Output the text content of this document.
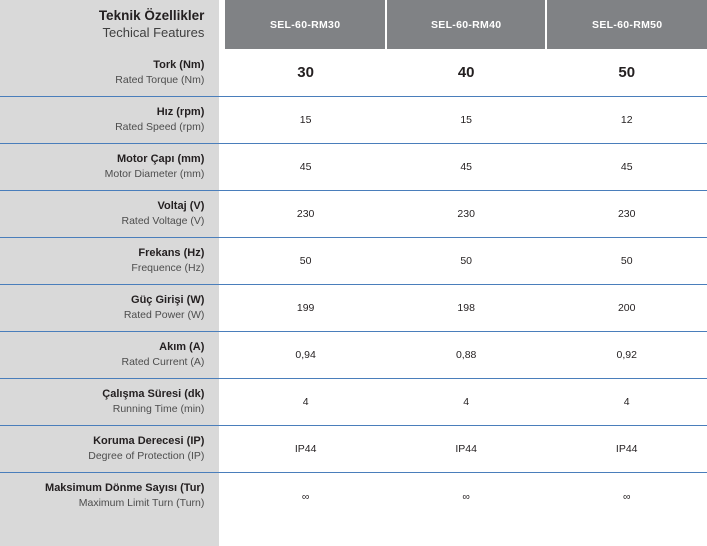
Teknik Özellikler
Techical Features	SEL-60-RM30	SEL-60-RM40	SEL-60-RM50

Tork (Nm)
Rated Torque (Nm)	30	40	50

Hız (rpm)
Rated Speed (rpm)	15	15	12

Motor Çapı (mm)
Motor Diameter (mm)	45	45	45

Voltaj (V)
Rated Voltage (V)	230	230	230

Frekans (Hz)
Frequence (Hz)	50	50	50

Güç Girişi (W)
Rated Power (W)	199	198	200

Akım (A)
Rated Current (A)	0,94	0,88	0,92

Çalışma Süresi (dk)
Running Time (min)	4	4	4

Koruma Derecesi (IP)
Degree of Protection (IP)	IP44	IP44	IP44

Maksimum Dönme Sayısı (Tur)
Maximum Limit Turn (Turn)	∞	∞	∞
